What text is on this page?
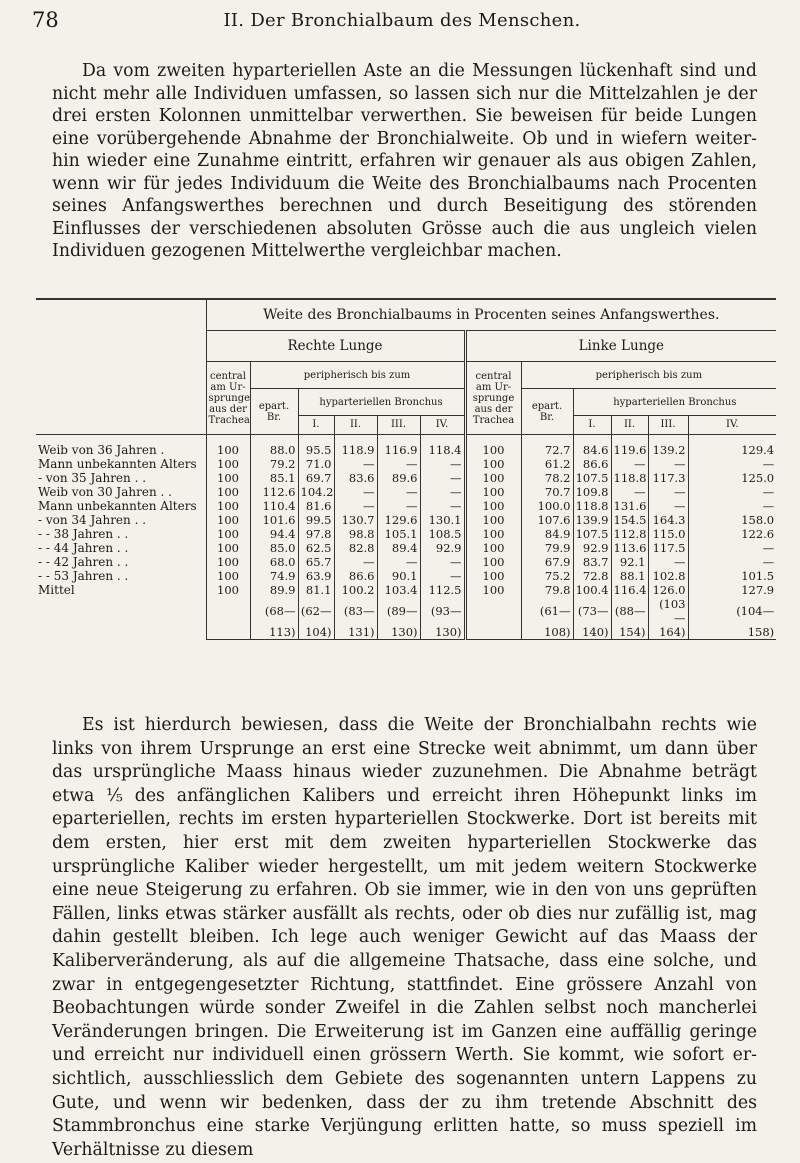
78	II. Der Bronchialbaum des Menschen.

Da vom zweiten hyparteriellen Aste an die Messungen lückenhaft sind und nicht mehr alle Individuen umfassen, so lassen sich nur die Mittelzahlen je der drei ersten Kolonnen unmittelbar verwerthen. Sie beweisen für beide Lungen eine vorübergehende Abnahme der Bronchialweite. Ob und in wiefern weiter-hin wieder eine Zunahme eintritt, erfahren wir genauer als aus obigen Zahlen, wenn wir für jedes Individuum die Weite des Bronchialbaums nach Procenten seines Anfangswerthes berechnen und durch Beseitigung des störenden Einflusses der verschiedenen absoluten Grösse auch die aus ungleich vielen Individuen gezogenen Mittelwerthe vergleichbar machen.

	Weite des Bronchialbaums in Procenten seines Anfangswerthes.											
	Rechte Lunge						Linke Lunge					
	central am Ur- sprunge aus der Trachea	peripherisch bis zum					central am Ur- sprunge aus der Trachea	peripherisch bis zum				
		epart. Br.	hyparteriellen Bronchus					epart. Br.	hyparteriellen Bronchus			
			I.	II.	III.	IV.			I.	II.	III.	IV.

Weib von 36 Jahren .	100	88.0	95.5	118.9	116.9	118.4	100	72.7	84.6	119.6	139.2	129.4
Mann unbekannten Alters	100	79.2	71.0	—	—	—	100	61.2	86.6	—	—	—
- von 35 Jahren . .	100	85.1	69.7	83.6	89.6	—	100	78.2	107.5	118.8	117.3	125.0
Weib von 30 Jahren . .	100	112.6	104.2	—	—	—	100	70.7	109.8	—	—	—
Mann unbekannten Alters	100	110.4	81.6	—	—	—	100	100.0	118.8	131.6	—	—
- von 34 Jahren . .	100	101.6	99.5	130.7	129.6	130.1	100	107.6	139.9	154.5	164.3	158.0
- - 38 Jahren . .	100	94.4	97.8	98.8	105.1	108.5	100	84.9	107.5	112.8	115.0	122.6
- - 44 Jahren . .	100	85.0	62.5	82.8	89.4	92.9	100	79.9	92.9	113.6	117.5	—
- - 42 Jahren . .	100	68.0	65.7	—	—	—	100	67.9	83.7	92.1	—	—
- - 53 Jahren . .	100	74.9	63.9	86.6	90.1	—	100	75.2	72.8	88.1	102.8	101.5
Mittel	100	89.9	81.1	100.2	103.4	112.5	100	79.8	100.4	116.4	126.0	127.9
		(68—	(62—	(83—	(89—	(93—		(61—	(73—	(88—	(103—	(104—
		113)	104)	131)	130)	130)		108)	140)	154)	164)	158)

Es ist hierdurch bewiesen, dass die Weite der Bronchialbahn rechts wie links von ihrem Ursprunge an erst eine Strecke weit abnimmt, um dann über das ursprüngliche Maass hinaus wieder zuzunehmen. Die Abnahme beträgt etwa ⅕ des anfänglichen Kalibers und erreicht ihren Höhepunkt links im eparteriellen, rechts im ersten hyparteriellen Stockwerke. Dort ist bereits mit dem ersten, hier erst mit dem zweiten hyparteriellen Stockwerke das ursprüngliche Kaliber wieder hergestellt, um mit jedem weitern Stockwerke eine neue Steigerung zu erfahren. Ob sie immer, wie in den von uns geprüften Fällen, links etwas stärker ausfällt als rechts, oder ob dies nur zufällig ist, mag dahin gestellt bleiben. Ich lege auch weniger Gewicht auf das Maass der Kaliberveränderung, als auf die allgemeine Thatsache, dass eine solche, und zwar in entgegengesetzter Richtung, stattfindet. Eine grössere Anzahl von Beobachtungen würde sonder Zweifel in die Zahlen selbst noch mancherlei Veränderungen bringen. Die Erweiterung ist im Ganzen eine auffällig geringe und erreicht nur individuell einen grössern Werth. Sie kommt, wie sofort er-sichtlich, ausschliesslich dem Gebiete des sogenannten untern Lappens zu Gute, und wenn wir bedenken, dass der zu ihm tretende Abschnitt des Stammbronchus eine starke Verjüngung erlitten hatte, so muss speziell im Verhältnisse zu diesem
